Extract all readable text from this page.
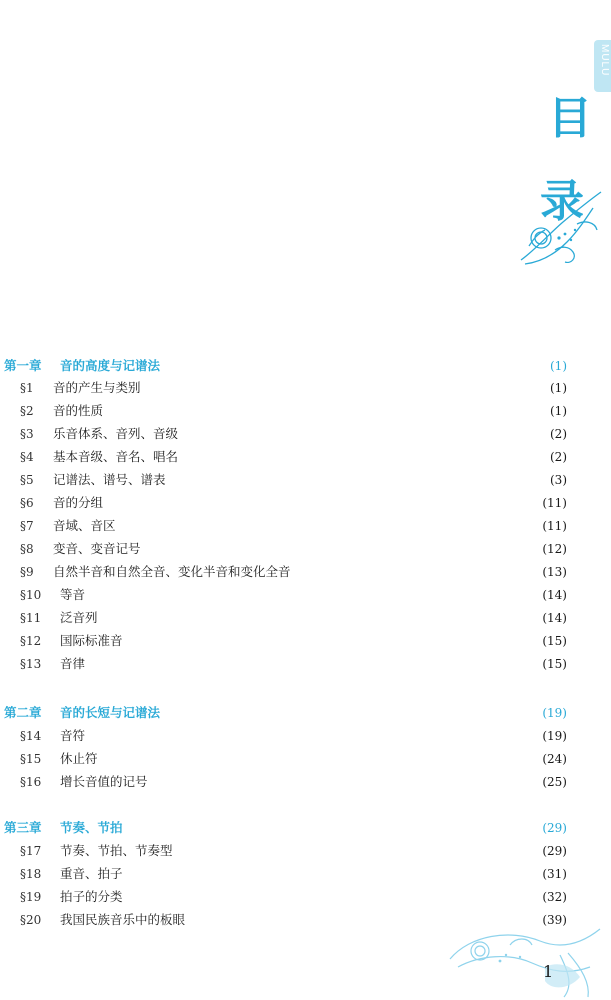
MULU
目
录
第一章 音的高度与记谱法	(1)
§1	音的产生与类别	(1)
§2	音的性质	(1)
§3	乐音体系、音列、音级	(2)
§4	基本音级、音名、唱名	(2)
§5	记谱法、谱号、谱表	(3)
§6	音的分组	(11)
§7	音域、音区	(11)
§8	变音、变音记号	(12)
§9	自然半音和自然全音、变化半音和变化全音	(13)
§10	等音	(14)
§11	泛音列	(14)
§12	国际标准音	(15)
§13	音律	(15)
第二章 音的长短与记谱法	(19)
§14	音符	(19)
§15	休止符	(24)
§16	增长音值的记号	(25)
第三章 节奏、节拍	(29)
§17	节奏、节拍、节奏型	(29)
§18	重音、拍子	(31)
§19	拍子的分类	(32)
§20	我国民族音乐中的板眼	(39)
1
